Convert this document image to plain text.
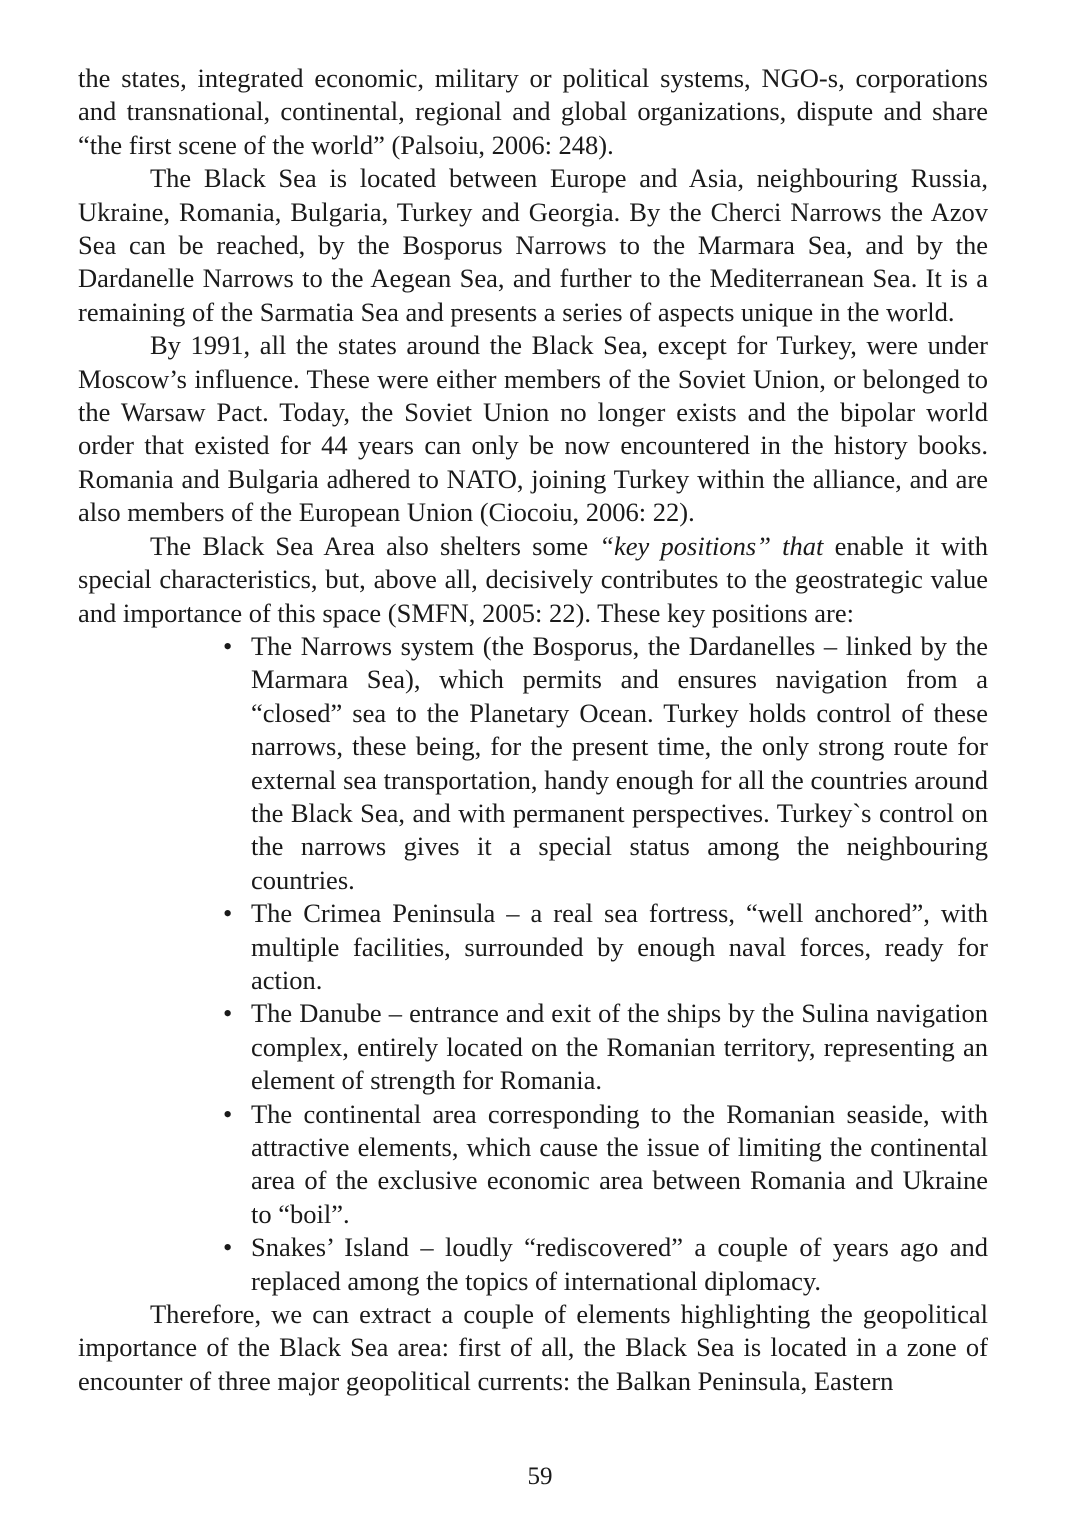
the states, integrated economic, military or political systems, NGO-s, corporations and transnational, continental, regional and global organizations, dispute and share “the first scene of the world” (Palsoiu, 2006: 248).

The Black Sea is located between Europe and Asia, neighbouring Russia, Ukraine, Romania, Bulgaria, Turkey and Georgia. By the Cherci Narrows the Azov Sea can be reached, by the Bosporus Narrows to the Marmara Sea, and by the Dardanelle Narrows to the Aegean Sea, and further to the Mediterranean Sea. It is a remaining of the Sarmatia Sea and presents a series of aspects unique in the world.

By 1991, all the states around the Black Sea, except for Turkey, were under Moscow’s influence. These were either members of the Soviet Union, or belonged to the Warsaw Pact. Today, the Soviet Union no longer exists and the bipolar world order that existed for 44 years can only be now encountered in the history books. Romania and Bulgaria adhered to NATO, joining Turkey within the alliance, and are also members of the European Union (Ciocoiu, 2006: 22).

The Black Sea Area also shelters some “key positions” that enable it with special characteristics, but, above all, decisively contributes to the geostrategic value and importance of this space (SMFN, 2005: 22). These key positions are:

• The Narrows system (the Bosporus, the Dardanelles – linked by the Marmara Sea), which permits and ensures navigation from a “closed” sea to the Planetary Ocean. Turkey holds control of these narrows, these being, for the present time, the only strong route for external sea transportation, handy enough for all the countries around the Black Sea, and with permanent perspectives. Turkey`s control on the narrows gives it a special status among the neighbouring countries.
• The Crimea Peninsula – a real sea fortress, “well anchored”, with multiple facilities, surrounded by enough naval forces, ready for action.
• The Danube – entrance and exit of the ships by the Sulina navigation complex, entirely located on the Romanian territory, representing an element of strength for Romania.
• The continental area corresponding to the Romanian seaside, with attractive elements, which cause the issue of limiting the continental area of the exclusive economic area between Romania and Ukraine to “boil”.
• Snakes’ Island – loudly “rediscovered” a couple of years ago and replaced among the topics of international diplomacy.

Therefore, we can extract a couple of elements highlighting the geopolitical importance of the Black Sea area: first of all, the Black Sea is located in a zone of encounter of three major geopolitical currents: the Balkan Peninsula, Eastern

59
